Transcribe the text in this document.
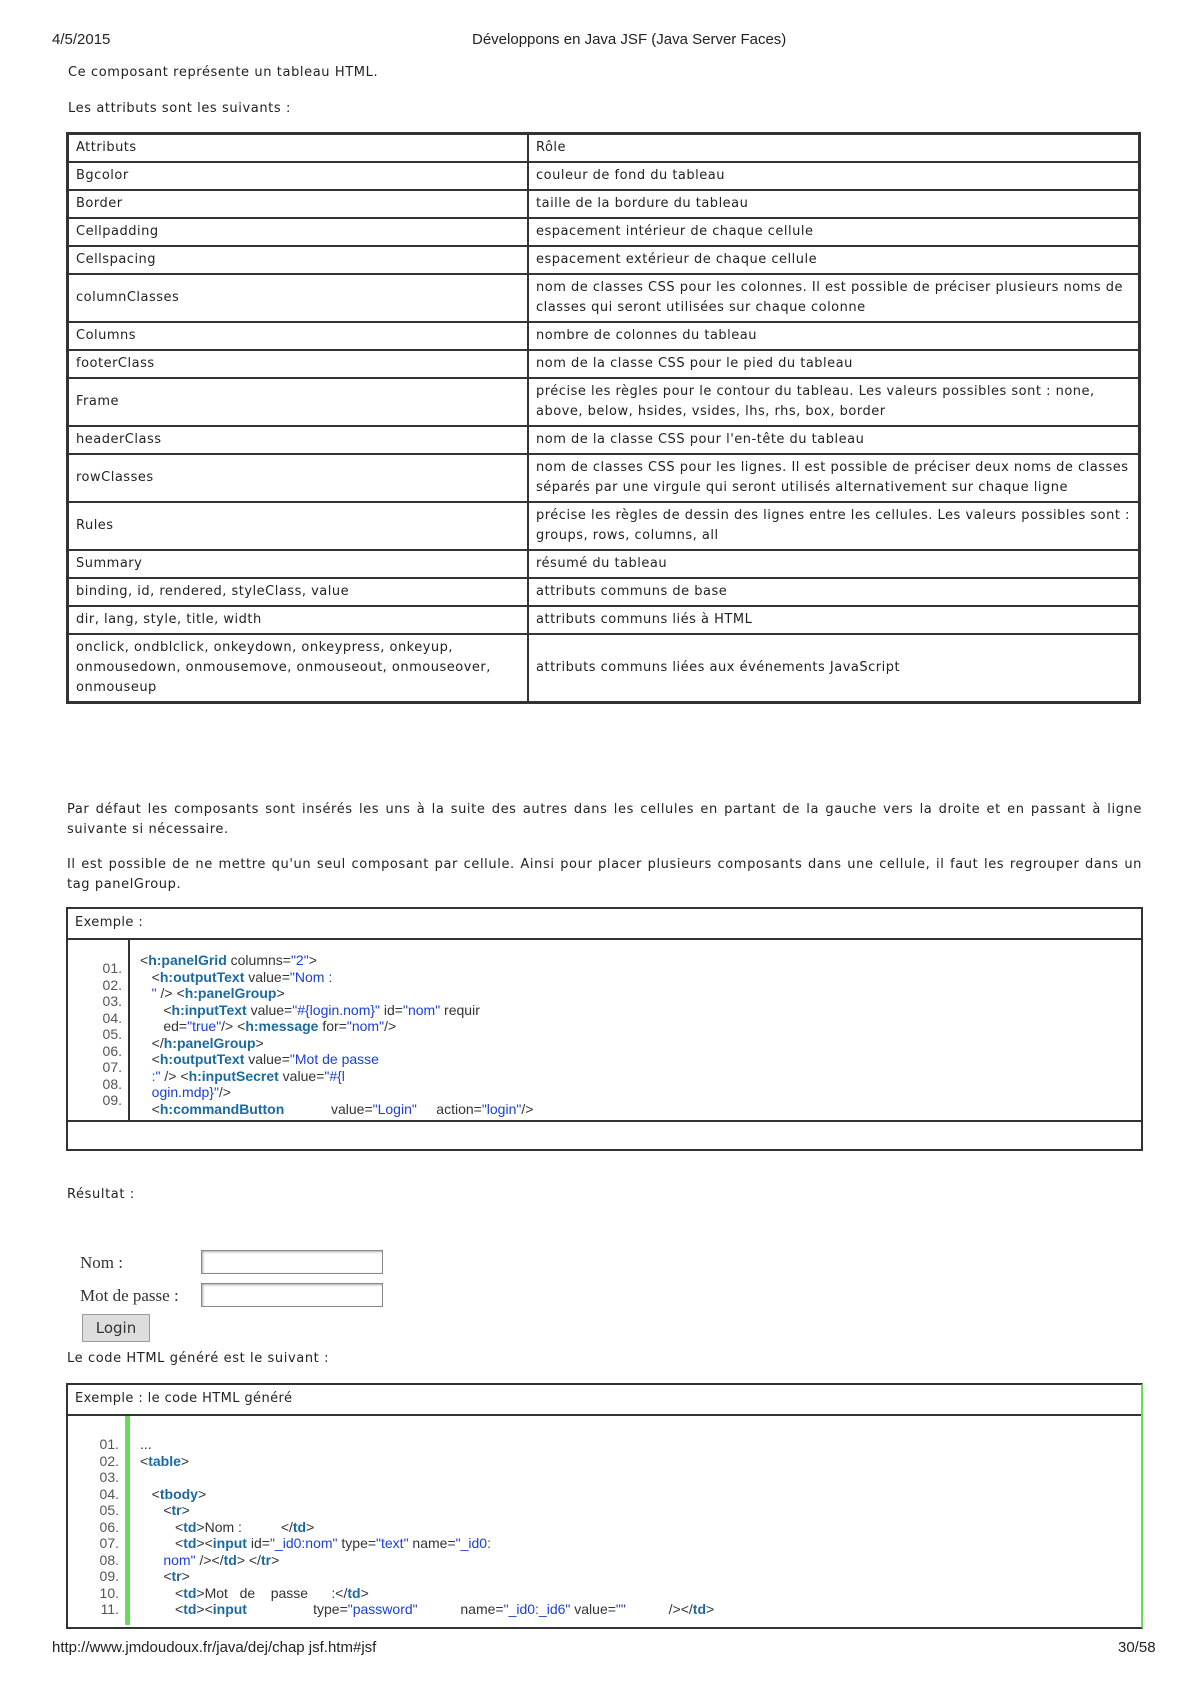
4/5/2015	Développons en Java JSF (Java Server Faces)
Ce composant représente un tableau HTML.
Les attributs sont les suivants :
Attributs	Rôle
Bgcolor	couleur de fond du tableau
Border	taille de la bordure du tableau
Cellpadding	espacement intérieur de chaque cellule
Cellspacing	espacement extérieur de chaque cellule
columnClasses	nom de classes CSS pour les colonnes. Il est possible de préciser plusieurs noms de classes qui seront utilisées sur chaque colonne
Columns	nombre de colonnes du tableau
footerClass	nom de la classe CSS pour le pied du tableau
Frame	précise les règles pour le contour du tableau. Les valeurs possibles sont : none, above, below, hsides, vsides, lhs, rhs, box, border
headerClass	nom de la classe CSS pour l'en-tête du tableau
rowClasses	nom de classes CSS pour les lignes. Il est possible de préciser deux noms de classes séparés par une virgule qui seront utilisés alternativement sur chaque ligne
Rules	précise les règles de dessin des lignes entre les cellules. Les valeurs possibles sont : groups, rows, columns, all
Summary	résumé du tableau
binding, id, rendered, styleClass, value	attributs communs de base
dir, lang, style, title, width	attributs communs liés à HTML
onclick, ondblclick, onkeydown, onkeypress, onkeyup, onmousedown, onmousemove, onmouseout, onmouseover, onmouseup	attributs communs liées aux événements JavaScript
Par défaut les composants sont insérés les uns à la suite des autres dans les cellules en partant de la gauche vers la droite et en passant à ligne suivante si nécessaire.
Il est possible de ne mettre qu'un seul composant par cellule. Ainsi pour placer plusieurs composants dans une cellule, il faut les regrouper dans un tag panelGroup.
Exemple :
01.
02.
03.
04.
05.
06.
07.
08.
09.
<h:panelGrid columns="2">
<h:outputText value="Nom :
" /> <h:panelGroup>
<h:inputText value="#{login.nom}" id="nom" requir
ed="true"/> <h:message for="nom"/>
</h:panelGroup>
<h:outputText value="Mot de passe
:" /> <h:inputSecret value="#{l
ogin.mdp}"/>
<h:commandButton            value="Login"     action="login"/>
Résultat :
Nom :
Mot de passe :
Login
Le code HTML généré est le suivant :
Exemple : le code HTML généré
01.
02.
03.
04.
05.
06.
07.
08.
09.
10.
11.
...
<table>

<tbody>
<tr>
<td>Nom :          </td>
<td><input id="_id0:nom" type="text" name="_id0:
nom" /></td> </tr>
<tr>
<td>Mot   de    passe      :</td>
<td><input                 type="password"           name="_id0:_id6" value=""           /></td>
http://www.jmdoudoux.fr/java/dej/chap jsf.htm#jsf	30/58
